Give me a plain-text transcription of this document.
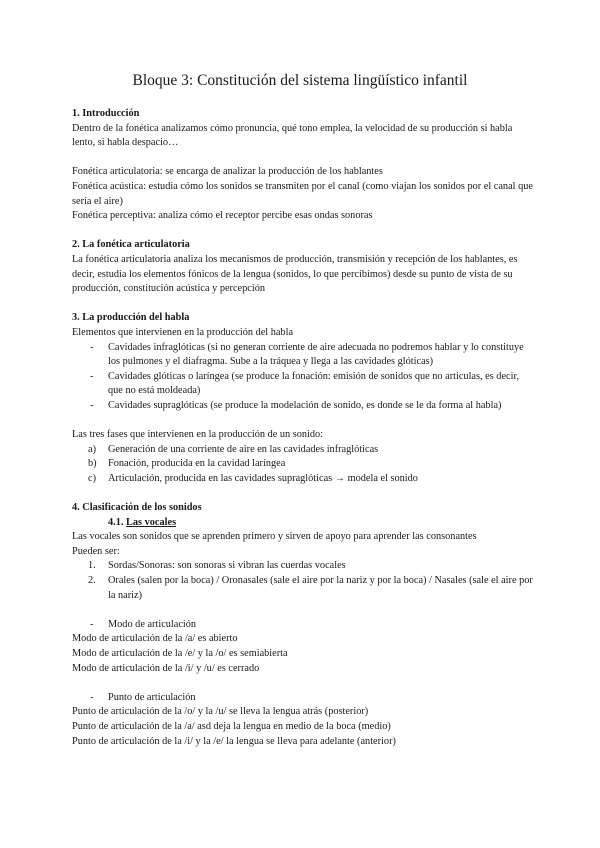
Bloque 3: Constitución del sistema lingüístico infantil

1. Introducción

Dentro de la fonética analizamos cómo pronuncia, qué tono emplea, la velocidad de su producción si habla lento, si habla despacio…

Fonética articulatoria: se encarga de analizar la producción de los hablantes

Fonética acústica: estudia cómo los sonidos se transmiten por el canal (como viajan los sonidos por el canal que sería el aire)

Fonética perceptiva: analiza cómo el receptor percibe esas ondas sonoras

2. La fonética articulatoria

La fonética articulatoria analiza los mecanismos de producción, transmisión y recepción de los hablantes, es decir, estudia los elementos fónicos de la lengua (sonidos, lo que percibimos) desde su punto de vista de su producción, constitución acústica y percepción

3. La producción del habla

Elementos que intervienen en la producción del habla

- Cavidades infraglóticas (si no generan corriente de aire adecuada no podremos hablar y lo constituye los pulmones y el diafragma. Sube a la tráquea y llega a las cavidades glóticas)
- Cavidades glóticas o laríngea (se produce la fonación: emisión de sonidos que no articulas, es decir, que no está moldeada)
- Cavidades supraglóticas (se produce la modelación de sonido, es donde se le da forma al habla)

Las tres fases que intervienen en la producción de un sonido:

a) Generación de una corriente de aire en las cavidades infraglóticas
b) Fonación, producida en la cavidad laríngea
c) Articulación, producida en las cavidades supraglóticas → modela el sonido

4. Clasificación de los sonidos

4.1. Las vocales

Las vocales son sonidos que se aprenden primero y sirven de apoyo para aprender las consonantes

Pueden ser:

1. Sordas/Sonoras: son sonoras si vibran las cuerdas vocales
2. Orales (salen por la boca) / Oronasales (sale el aire por la nariz y por la boca) / Nasales (sale el aire por la nariz)

- Modo de articulación

Modo de articulación de la /a/ es abierto

Modo de articulación de la /e/ y la /o/ es semiabierta

Modo de articulación de la /i/ y /u/ es cerrado

- Punto de articulación

Punto de articulación de la /o/ y la /u/ se lleva la lengua atrás (posterior)

Punto de articulación de la /a/ asd deja la lengua en medio de la boca (medio)

Punto de articulación de la /i/ y la /e/ la lengua se lleva para adelante (anterior)
